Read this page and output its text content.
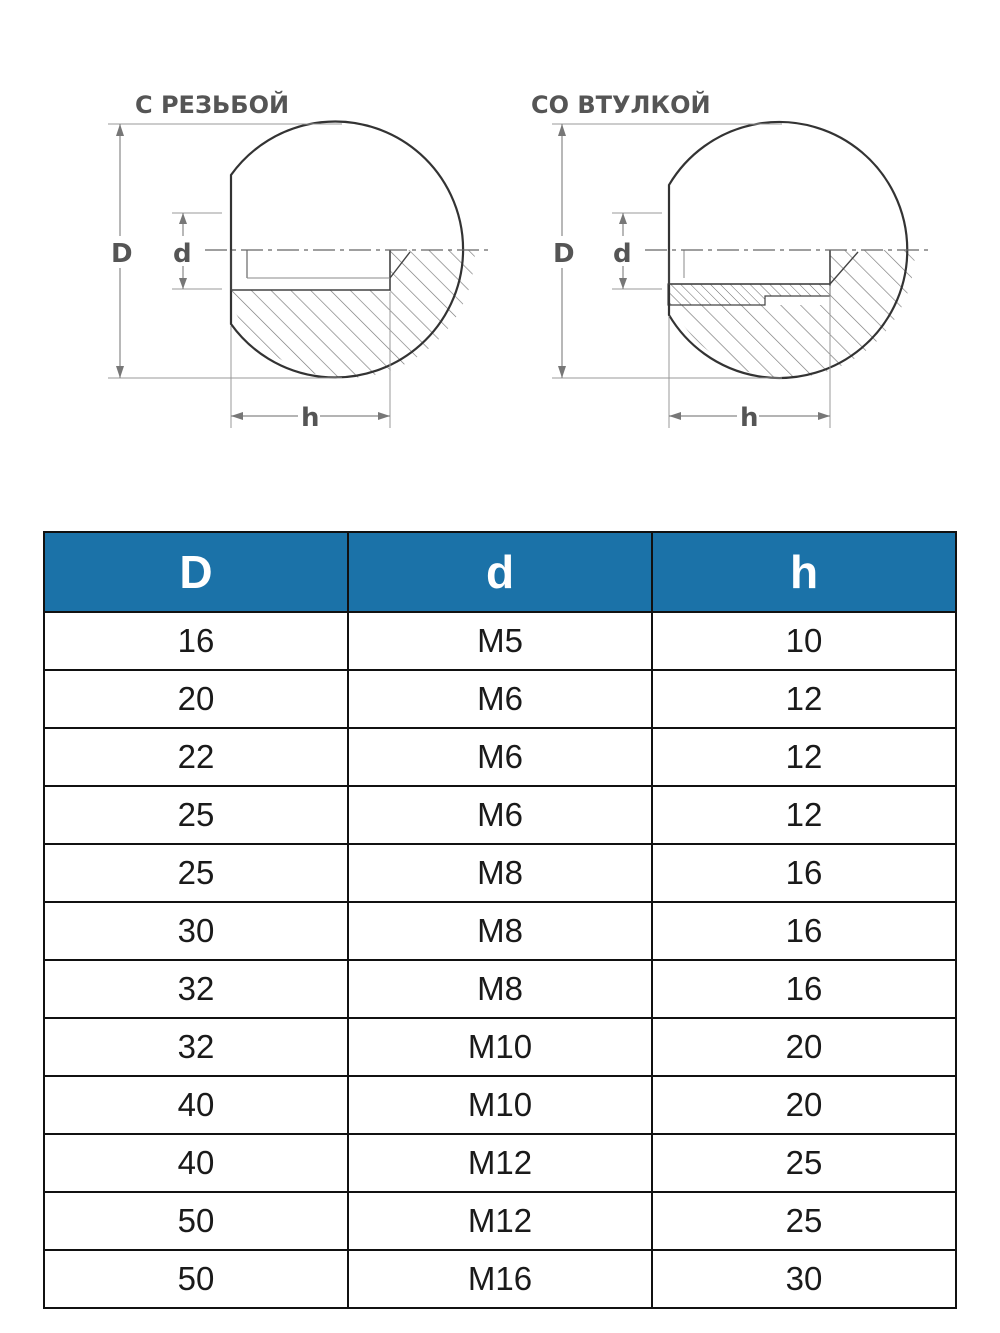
С РЕЗЬБОЙ
D d
h
СО ВТУЛКОЙ
D d
h
D	d	h
16	M5	10
20	M6	12
22	M6	12
25	M6	12
25	M8	16
30	M8	16
32	M8	16
32	M10	20
40	M10	20
40	M12	25
50	M12	25
50	M16	30
